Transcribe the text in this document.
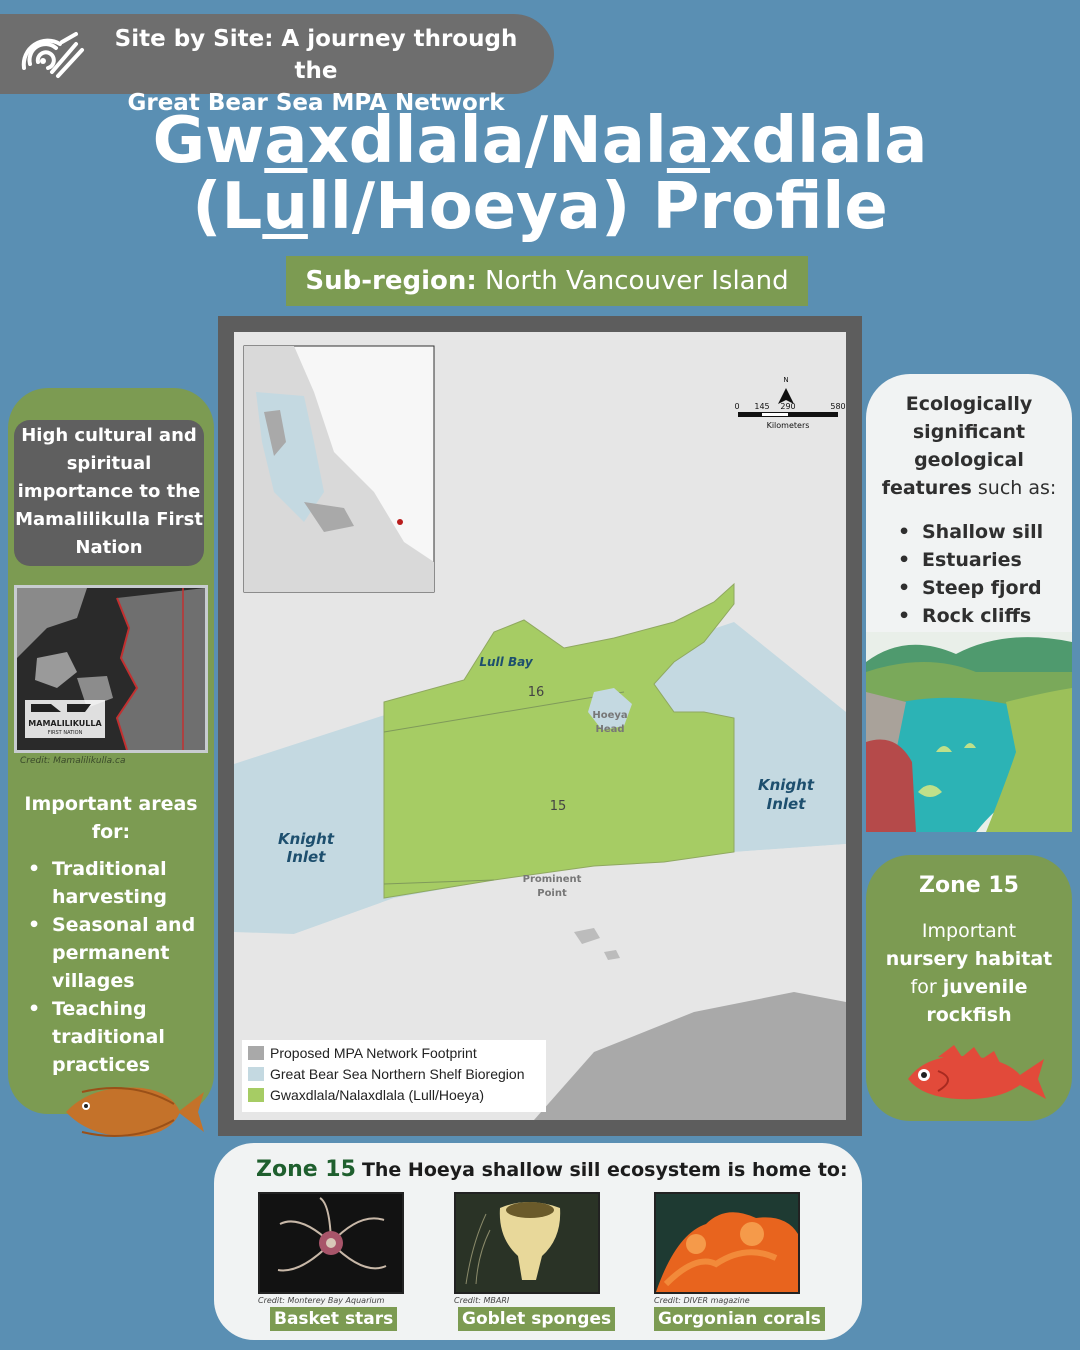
Site by Site: A journey through the
Great Bear Sea MPA Network
Gwaxdlala/Nalaxdlala
(Lull/Hoeya) Profile
Sub-region: North Vancouver Island
High cultural and spiritual importance to the Mamalilikulla First Nation
MAMALILIKULLA
FIRST NATION
Credit: Mamalilikulla.ca
Important areas for:
• Traditional harvesting
• Seasonal and permanent villages
• Teaching traditional practices
N
0 145 290	580
Kilometers
Lull Bay
16
15
Hoeya
Head
Knight
Inlet
Knight
Inlet
Prominent
Point
Proposed MPA Network Footprint
Great Bear Sea Northern Shelf Bioregion
Gwaxdlala/Nalaxdlala (Lull/Hoeya)
Ecologically significant geological
features such as:
• Shallow sill
• Estuaries
• Steep fjord
• Rock cliffs
Zone 15
Important
nursery habitat
for juvenile
rockfish
Zone 15 The Hoeya shallow sill ecosystem is home to:
Credit: Monterey Bay Aquarium
Basket stars
Credit: MBARI
Goblet sponges
Credit: DIVER magazine
Gorgonian corals
